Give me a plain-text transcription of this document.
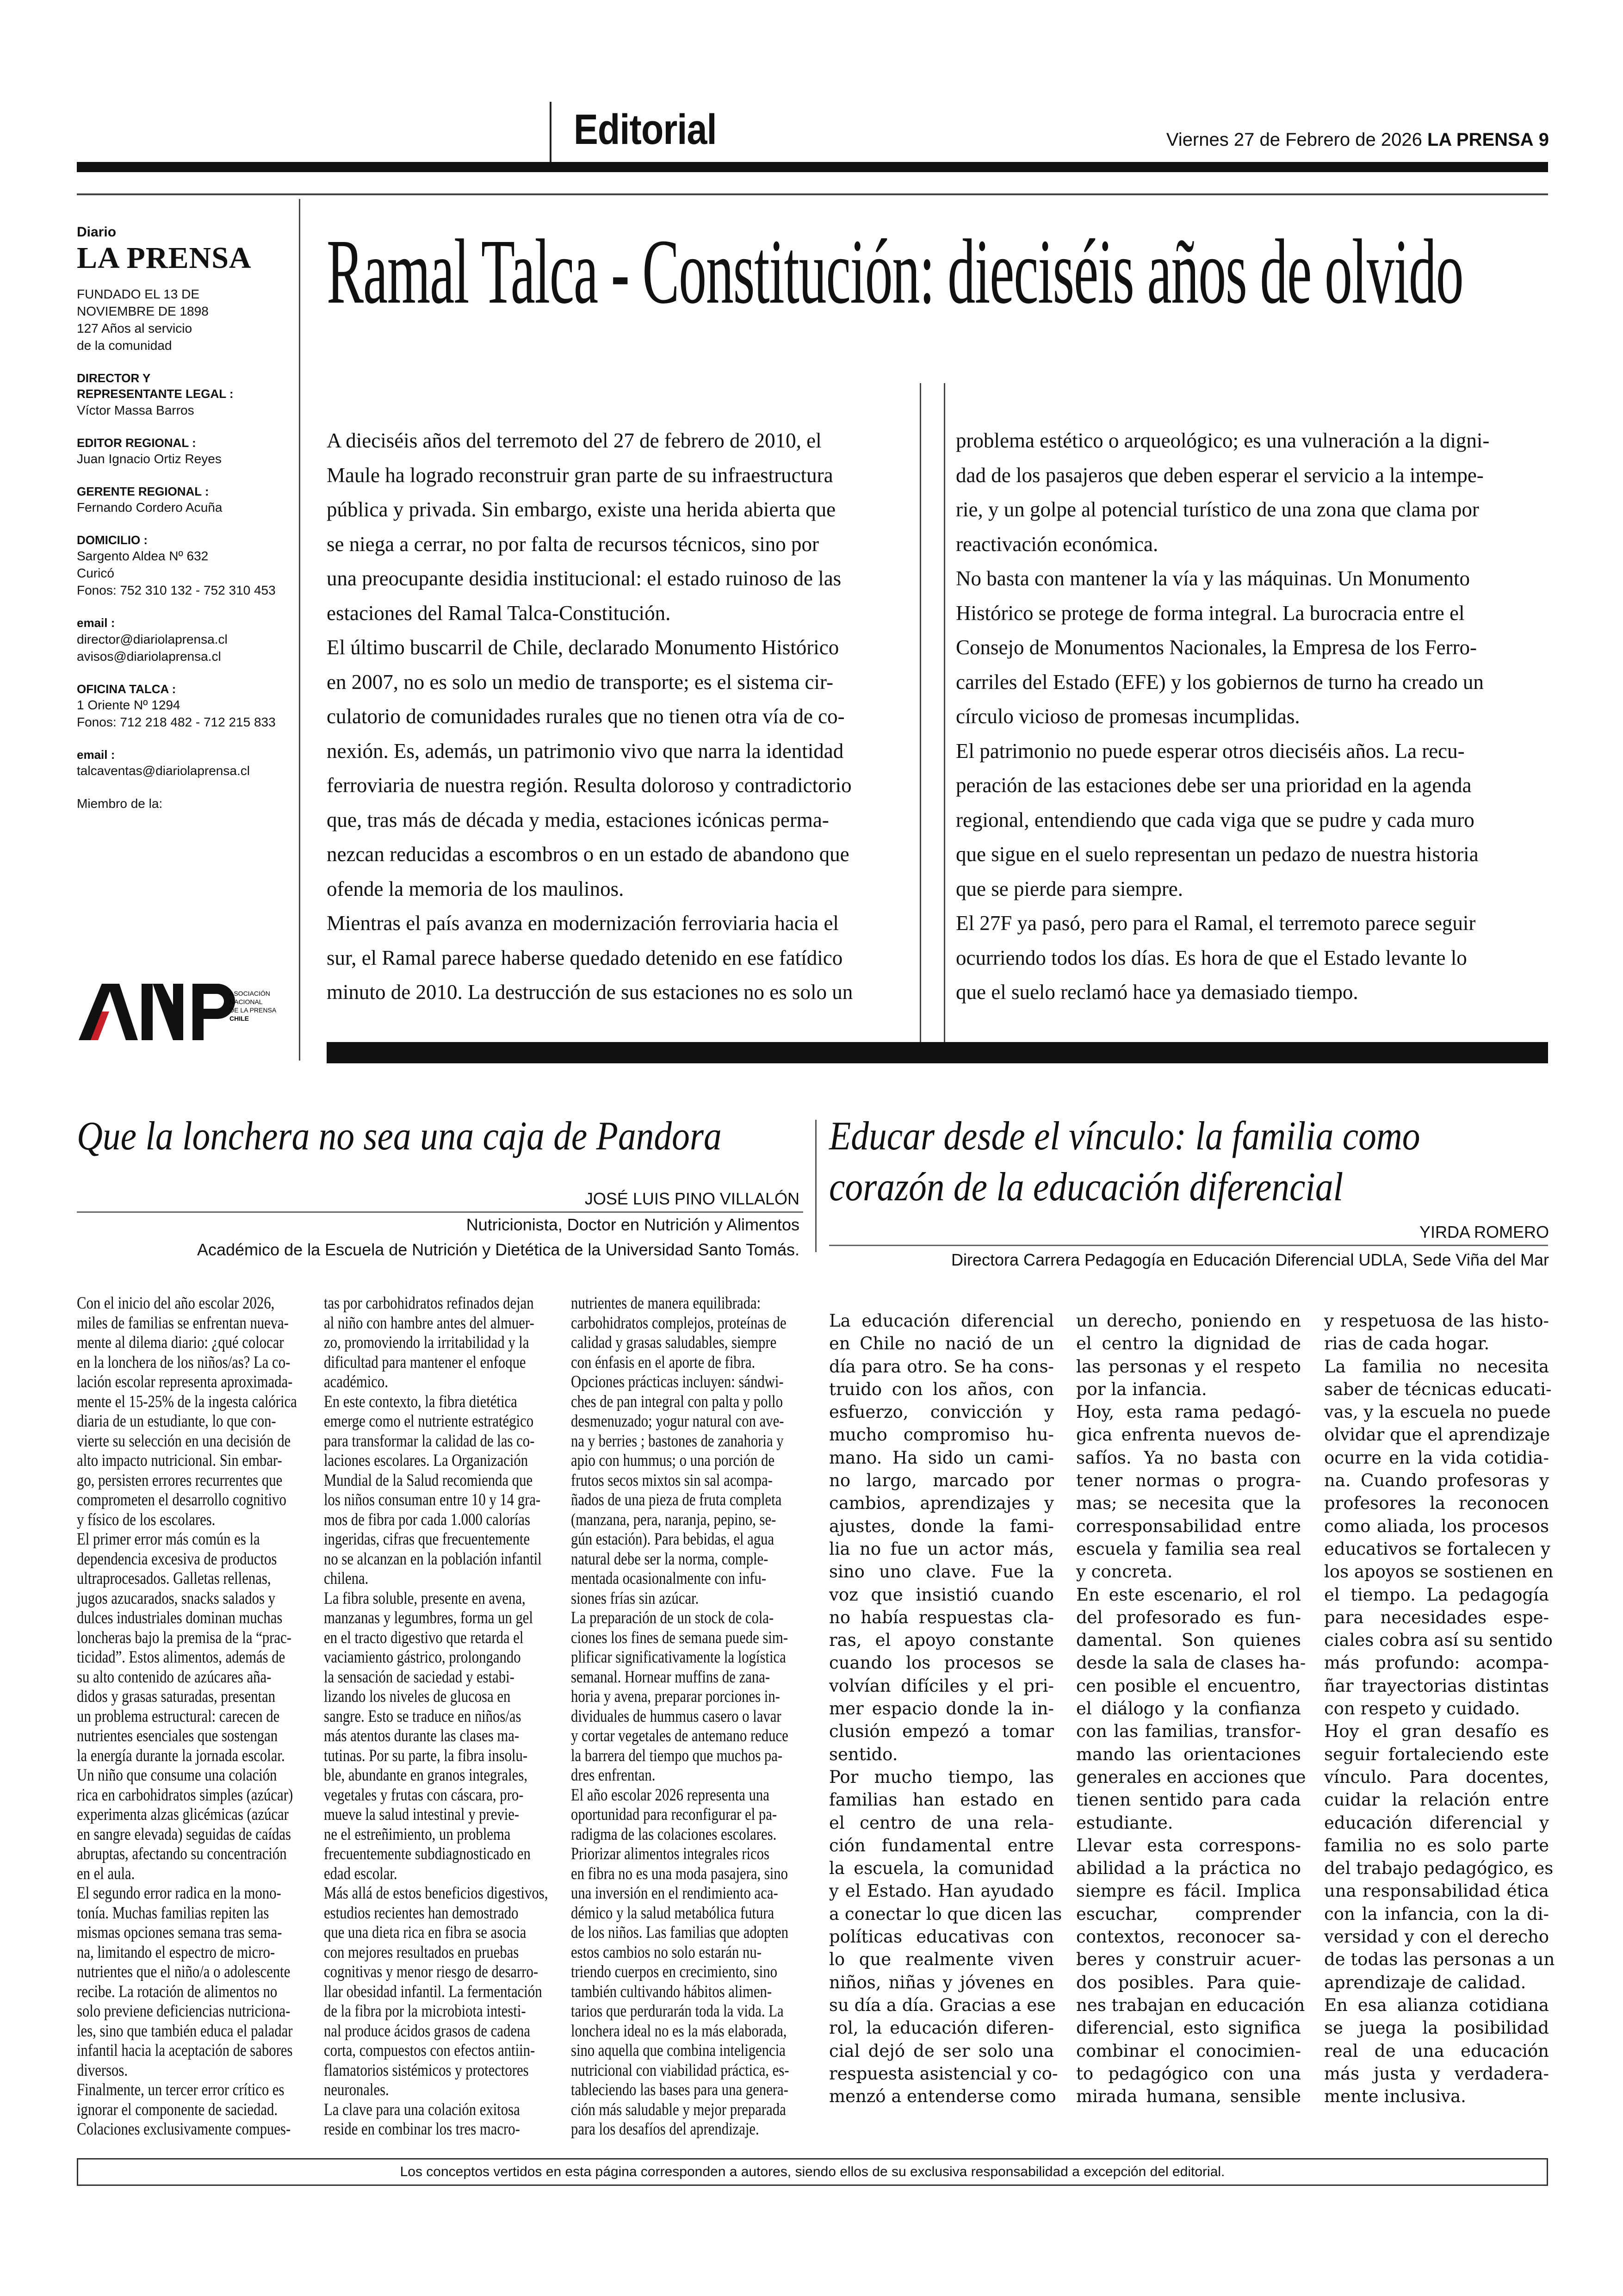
Editorial	Viernes 27 de Febrero de 2026 LA PRENSA 9

Diario

LA PRENSA

FUNDADO EL 13 DE
NOVIEMBRE DE 1898
127 Años al servicio
de la comunidad
DIRECTOR Y
REPRESENTANTE LEGAL :
Víctor Massa Barros
EDITOR REGIONAL :
Juan Ignacio Ortiz Reyes
GERENTE REGIONAL :
Fernando Cordero Acuña
DOMICILIO :
Sargento Aldea Nº 632
Curicó
Fonos: 752 310 132 - 752 310 453
email :
director@diariolaprensa.cl
avisos@diariolaprensa.cl
OFICINA TALCA :
1 Oriente Nº 1294
Fonos: 712 218 482 - 712 215 833
email :
talcaventas@diariolaprensa.cl
Miembro de la:
ASOCIACIÓN
NACIONAL
DE LA PRENSA
CHILE
Ramal Talca - Constitución: dieciséis años de olvido

A dieciséis años del terremoto del 27 de febrero de 2010, el

Maule ha logrado reconstruir gran parte de su infraestructura

pública y privada. Sin embargo, existe una herida abierta que

se niega a cerrar, no por falta de recursos técnicos, sino por

una preocupante desidia institucional: el estado ruinoso de las

estaciones del Ramal Talca-Constitución.

El último buscarril de Chile, declarado Monumento Histórico

en 2007, no es solo un medio de transporte; es el sistema cir-

culatorio de comunidades rurales que no tienen otra vía de co-

nexión. Es, además, un patrimonio vivo que narra la identidad

ferroviaria de nuestra región. Resulta doloroso y contradictorio

que, tras más de década y media, estaciones icónicas perma-

nezcan reducidas a escombros o en un estado de abandono que

ofende la memoria de los maulinos.

Mientras el país avanza en modernización ferroviaria hacia el

sur, el Ramal parece haberse quedado detenido en ese fatídico

minuto de 2010. La destrucción de sus estaciones no es solo un

problema estético o arqueológico; es una vulneración a la digni-

dad de los pasajeros que deben esperar el servicio a la intempe-

rie, y un golpe al potencial turístico de una zona que clama por

reactivación económica.

No basta con mantener la vía y las máquinas. Un Monumento

Histórico se protege de forma integral. La burocracia entre el

Consejo de Monumentos Nacionales, la Empresa de los Ferro-

carriles del Estado (EFE) y los gobiernos de turno ha creado un

círculo vicioso de promesas incumplidas.

El patrimonio no puede esperar otros dieciséis años. La recu-

peración de las estaciones debe ser una prioridad en la agenda

regional, entendiendo que cada viga que se pudre y cada muro

que sigue en el suelo representan un pedazo de nuestra historia

que se pierde para siempre.

El 27F ya pasó, pero para el Ramal, el terremoto parece seguir

ocurriendo todos los días. Es hora de que el Estado levante lo

que el suelo reclamó hace ya demasiado tiempo.

Que la lonchera no sea una caja de Pandora
JOSÉ LUIS PINO VILLALÓN
Nutricionista, Doctor en Nutrición y Alimentos
Académico de la Escuela de Nutrición y Dietética de la Universidad Santo Tomás.

Con el inicio del año escolar 2026,

miles de familias se enfrentan nueva-

mente al dilema diario: ¿qué colocar

en la lonchera de los niños/as? La co-

lación escolar representa aproximada-

mente el 15-25% de la ingesta calórica

diaria de un estudiante, lo que con-

vierte su selección en una decisión de

alto impacto nutricional. Sin embar-

go, persisten errores recurrentes que

comprometen el desarrollo cognitivo

y físico de los escolares.

El primer error más común es la

dependencia excesiva de productos

ultraprocesados. Galletas rellenas,

jugos azucarados, snacks salados y

dulces industriales dominan muchas

loncheras bajo la premisa de la “prac-

ticidad”. Estos alimentos, además de

su alto contenido de azúcares aña-

didos y grasas saturadas, presentan

un problema estructural: carecen de

nutrientes esenciales que sostengan

la energía durante la jornada escolar.

Un niño que consume una colación

rica en carbohidratos simples (azúcar)

experimenta alzas glicémicas (azúcar

en sangre elevada) seguidas de caídas

abruptas, afectando su concentración

en el aula.

El segundo error radica en la mono-

tonía. Muchas familias repiten las

mismas opciones semana tras sema-

na, limitando el espectro de micro-

nutrientes que el niño/a o adolescente

recibe. La rotación de alimentos no

solo previene deficiencias nutriciona-

les, sino que también educa el paladar

infantil hacia la aceptación de sabores

diversos.

Finalmente, un tercer error crítico es

ignorar el componente de saciedad.

Colaciones exclusivamente compues-

tas por carbohidratos refinados dejan

al niño con hambre antes del almuer-

zo, promoviendo la irritabilidad y la

dificultad para mantener el enfoque

académico.

En este contexto, la fibra dietética

emerge como el nutriente estratégico

para transformar la calidad de las co-

laciones escolares. La Organización

Mundial de la Salud recomienda que

los niños consuman entre 10 y 14 gra-

mos de fibra por cada 1.000 calorías

ingeridas, cifras que frecuentemente

no se alcanzan en la población infantil

chilena.

La fibra soluble, presente en avena,

manzanas y legumbres, forma un gel

en el tracto digestivo que retarda el

vaciamiento gástrico, prolongando

la sensación de saciedad y estabi-

lizando los niveles de glucosa en

sangre. Esto se traduce en niños/as

más atentos durante las clases ma-

tutinas. Por su parte, la fibra insolu-

ble, abundante en granos integrales,

vegetales y frutas con cáscara, pro-

mueve la salud intestinal y previe-

ne el estreñimiento, un problema

frecuentemente subdiagnosticado en

edad escolar.

Más allá de estos beneficios digestivos,

estudios recientes han demostrado

que una dieta rica en fibra se asocia

con mejores resultados en pruebas

cognitivas y menor riesgo de desarro-

llar obesidad infantil. La fermentación

de la fibra por la microbiota intesti-

nal produce ácidos grasos de cadena

corta, compuestos con efectos antiin-

flamatorios sistémicos y protectores

neuronales.

La clave para una colación exitosa

reside en combinar los tres macro-

nutrientes de manera equilibrada:

carbohidratos complejos, proteínas de

calidad y grasas saludables, siempre

con énfasis en el aporte de fibra.

Opciones prácticas incluyen: sándwi-

ches de pan integral con palta y pollo

desmenuzado; yogur natural con ave-

na y berries ; bastones de zanahoria y

apio con hummus; o una porción de

frutos secos mixtos sin sal acompa-

ñados de una pieza de fruta completa

(manzana, pera, naranja, pepino, se-

gún estación). Para bebidas, el agua

natural debe ser la norma, comple-

mentada ocasionalmente con infu-

siones frías sin azúcar.

La preparación de un stock de cola-

ciones los fines de semana puede sim-

plificar significativamente la logística

semanal. Hornear muffins de zana-

horia y avena, preparar porciones in-

dividuales de hummus casero o lavar

y cortar vegetales de antemano reduce

la barrera del tiempo que muchos pa-

dres enfrentan.

El año escolar 2026 representa una

oportunidad para reconfigurar el pa-

radigma de las colaciones escolares.

Priorizar alimentos integrales ricos

en fibra no es una moda pasajera, sino

una inversión en el rendimiento aca-

démico y la salud metabólica futura

de los niños. Las familias que adopten

estos cambios no solo estarán nu-

triendo cuerpos en crecimiento, sino

también cultivando hábitos alimen-

tarios que perdurarán toda la vida. La

lonchera ideal no es la más elaborada,

sino aquella que combina inteligencia

nutricional con viabilidad práctica, es-

tableciendo las bases para una genera-

ción más saludable y mejor preparada

para los desafíos del aprendizaje.

Educar desde el vínculo: la familia como
corazón de la educación diferencial
YIRDA ROMERO
Directora Carrera Pedagogía en Educación Diferencial UDLA, Sede Viña del Mar

La educación diferencial

en Chile no nació de un

día para otro. Se ha cons-

truido con los años, con

esfuerzo, convicción y

mucho compromiso hu-

mano. Ha sido un cami-

no largo, marcado por

cambios, aprendizajes y

ajustes, donde la fami-

lia no fue un actor más,

sino uno clave. Fue la

voz que insistió cuando

no había respuestas cla-

ras, el apoyo constante

cuando los procesos se

volvían difíciles y el pri-

mer espacio donde la in-

clusión empezó a tomar

sentido.

Por mucho tiempo, las

familias han estado en

el centro de una rela-

ción fundamental entre

la escuela, la comunidad

y el Estado. Han ayudado

a conectar lo que dicen las

políticas educativas con

lo que realmente viven

niños, niñas y jóvenes en

su día a día. Gracias a ese

rol, la educación diferen-

cial dejó de ser solo una

respuesta asistencial y co-

menzó a entenderse como

un derecho, poniendo en

el centro la dignidad de

las personas y el respeto

por la infancia.

Hoy, esta rama pedagó-

gica enfrenta nuevos de-

safíos. Ya no basta con

tener normas o progra-

mas; se necesita que la

corresponsabilidad entre

escuela y familia sea real

y concreta.

En este escenario, el rol

del profesorado es fun-

damental. Son quienes

desde la sala de clases ha-

cen posible el encuentro,

el diálogo y la confianza

con las familias, transfor-

mando las orientaciones

generales en acciones que

tienen sentido para cada

estudiante.

Llevar esta correspons-

abilidad a la práctica no

siempre es fácil. Implica

escuchar, comprender

contextos, reconocer sa-

beres y construir acuer-

dos posibles. Para quie-

nes trabajan en educación

diferencial, esto significa

combinar el conocimien-

to pedagógico con una

mirada humana, sensible

y respetuosa de las histo-

rias de cada hogar.

La familia no necesita

saber de técnicas educati-

vas, y la escuela no puede

olvidar que el aprendizaje

ocurre en la vida cotidia-

na. Cuando profesoras y

profesores la reconocen

como aliada, los procesos

educativos se fortalecen y

los apoyos se sostienen en

el tiempo. La pedagogía

para necesidades espe-

ciales cobra así su sentido

más profundo: acompa-

ñar trayectorias distintas

con respeto y cuidado.

Hoy el gran desafío es

seguir fortaleciendo este

vínculo. Para docentes,

cuidar la relación entre

educación diferencial y

familia no es solo parte

del trabajo pedagógico, es

una responsabilidad ética

con la infancia, con la di-

versidad y con el derecho

de todas las personas a un

aprendizaje de calidad.

En esa alianza cotidiana

se juega la posibilidad

real de una educación

más justa y verdadera-

mente inclusiva.

Los conceptos vertidos en esta página corresponden a autores, siendo ellos de su exclusiva responsabilidad a excepción del editorial.
